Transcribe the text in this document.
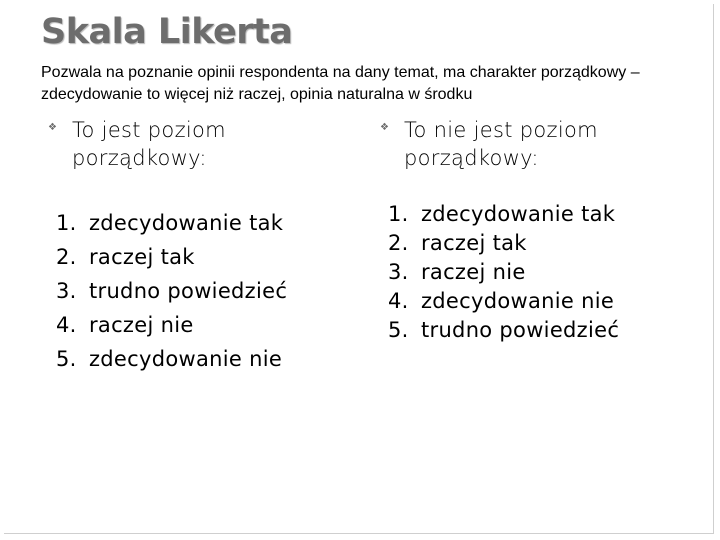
Skala Likerta

Pozwala na poznanie opinii respondenta na dany temat, ma charakter porządkowy – zdecydowanie to więcej niż raczej, opinia naturalna w środku

❖ To jest poziom porządkowy:
1. zdecydowanie tak
2. raczej tak
3. trudno powiedzieć
4. raczej nie
5. zdecydowanie nie
❖ To nie jest poziom porządkowy:
1. zdecydowanie tak
2. raczej tak
3. raczej nie
4. zdecydowanie nie
5. trudno powiedzieć
